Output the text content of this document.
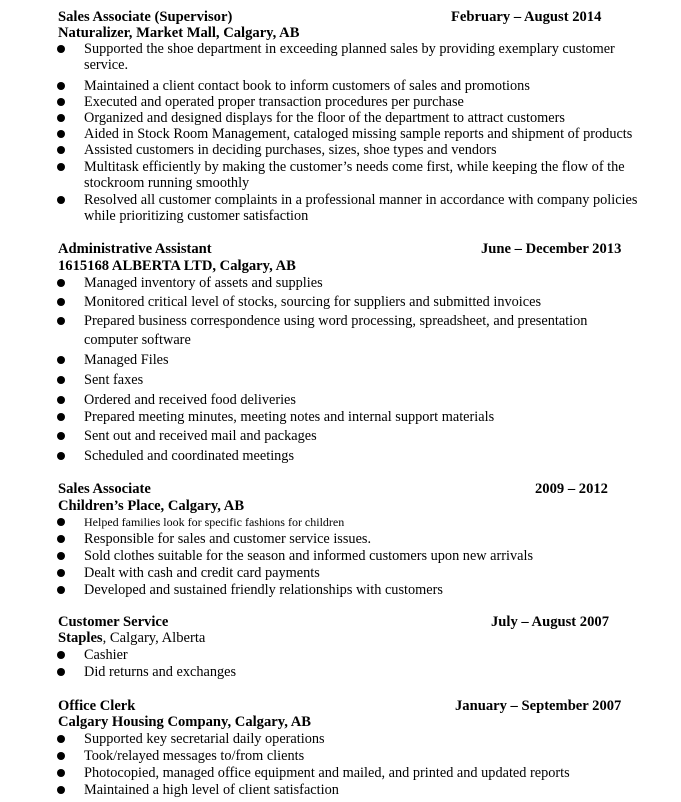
Sales Associate (Supervisor)	February – August 2014
Naturalizer, Market Mall, Calgary, AB
Supported the shoe department in exceeding planned sales by providing exemplary customer
service.
Maintained a client contact book to inform customers of sales and promotions
Executed and operated proper transaction procedures per purchase
Organized and designed displays for the floor of the department to attract customers
Aided in Stock Room Management, cataloged missing sample reports and shipment of products
Assisted customers in deciding purchases, sizes, shoe types and vendors
Multitask efficiently by making the customer’s needs come first, while keeping the flow of the
stockroom running smoothly
Resolved all customer complaints in a professional manner in accordance with company policies
while prioritizing customer satisfaction
Administrative Assistant	June – December 2013
1615168 ALBERTA LTD, Calgary, AB
Managed inventory of assets and supplies
Monitored critical level of stocks, sourcing for suppliers and submitted invoices
Prepared business correspondence using word processing, spreadsheet, and presentation
computer software
Managed Files
Sent faxes
Ordered and received food deliveries
Prepared meeting minutes, meeting notes and internal support materials
Sent out and received mail and packages
Scheduled and coordinated meetings
Sales Associate	2009 – 2012
Children’s Place, Calgary, AB
Helped families look for specific fashions for children
Responsible for sales and customer service issues.
Sold clothes suitable for the season and informed customers upon new arrivals
Dealt with cash and credit card payments
Developed and sustained friendly relationships with customers
Customer Service	July – August 2007
Staples, Calgary, Alberta
Cashier
Did returns and exchanges
Office Clerk	January – September 2007
Calgary Housing Company, Calgary, AB
Supported key secretarial daily operations
Took/relayed messages to/from clients
Photocopied, managed office equipment and mailed, and printed and updated reports
Maintained a high level of client satisfaction
